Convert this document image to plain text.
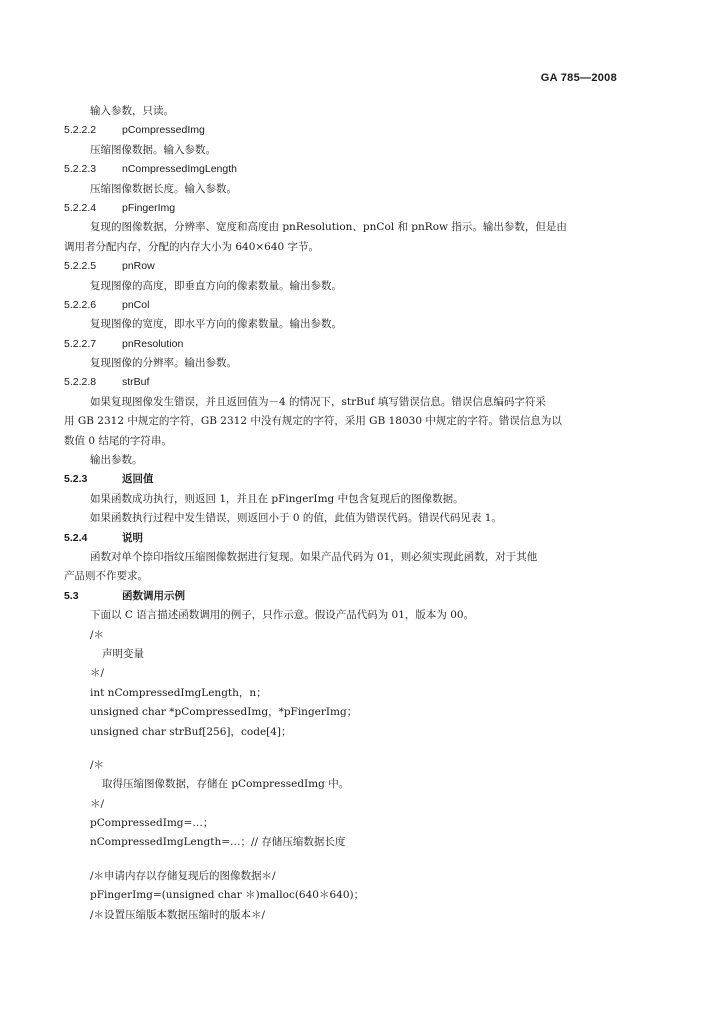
GA 785—2008
输入参数，只读。
5.2.2.2 pCompressedImg
压缩图像数据。输入参数。
5.2.2.3 nCompressedImgLength
压缩图像数据长度。输入参数。
5.2.2.4 pFingerImg
复现的图像数据，分辨率、宽度和高度由 pnResolution、pnCol 和 pnRow 指示。输出参数，但是由
调用者分配内存，分配的内存大小为 640×640 字节。
5.2.2.5 pnRow
复现图像的高度，即垂直方向的像素数量。输出参数。
5.2.2.6 pnCol
复现图像的宽度，即水平方向的像素数量。输出参数。
5.2.2.7 pnResolution
复现图像的分辨率。输出参数。
5.2.2.8 strBuf
如果复现图像发生错误，并且返回值为－4 的情况下，strBuf 填写错误信息。错误信息编码字符采
用 GB 2312 中规定的字符，GB 2312 中没有规定的字符，采用 GB 18030 中规定的字符。错误信息为以
数值 0 结尾的字符串。
输出参数。
5.2.3	返回值
如果函数成功执行，则返回 1，并且在 pFingerImg 中包含复现后的图像数据。
如果函数执行过程中发生错误，则返回小于 0 的值，此值为错误代码。错误代码见表 1。
5.2.4	说明
函数对单个捺印指纹压缩图像数据进行复现。如果产品代码为 01，则必须实现此函数，对于其他
产品则不作要求。
5.3	函数调用示例
下面以 C 语言描述函数调用的例子，只作示意。假设产品代码为 01，版本为 00。
/＊
声明变量
＊/
int nCompressedImgLength，n；
unsigned char *pCompressedImg，*pFingerImg；
unsigned char strBuf[256]，code[4]；
/＊
取得压缩图像数据，存储在 pCompressedImg 中。
＊/
pCompressedImg=…；
nCompressedImgLength=…；// 存储压缩数据长度
/＊申请内存以存储复现后的图像数据＊/
pFingerImg=(unsigned char ＊)malloc(640＊640)；
/＊设置压缩版本数据压缩时的版本＊/
